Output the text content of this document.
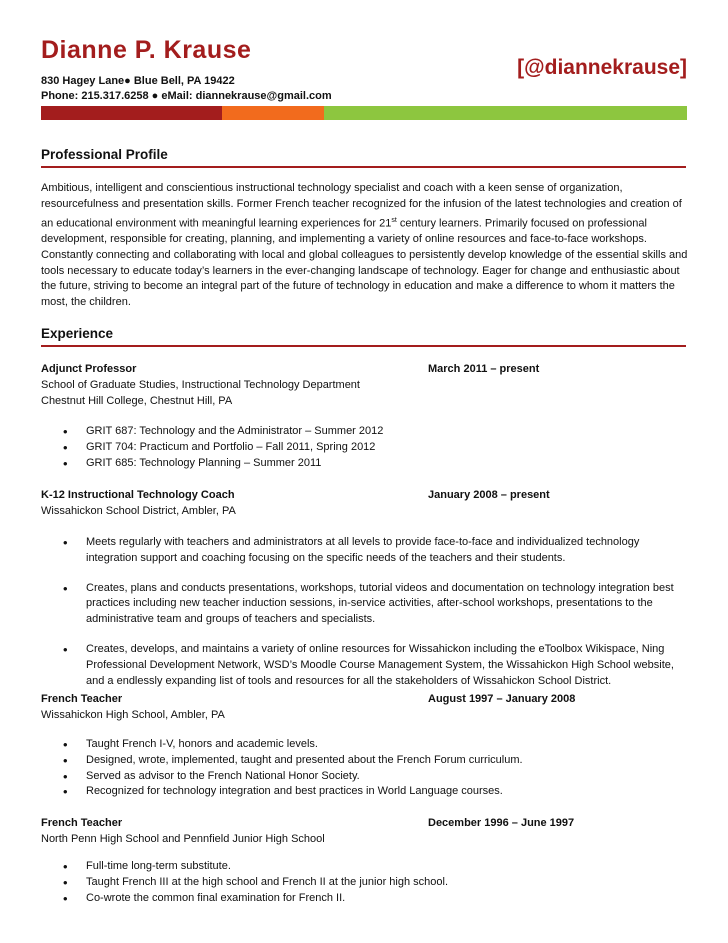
Dianne P. Krause
[@diannekrause]
830 Hagey Lane● Blue Bell, PA 19422
Phone: 215.317.6258 ● eMail: diannekrause@gmail.com
Professional Profile

Ambitious, intelligent and conscientious instructional technology specialist and coach with a keen sense of organization, resourcefulness and presentation skills. Former French teacher recognized for the infusion of the latest technologies and creation of an educational environment with meaningful learning experiences for 21st century learners. Primarily focused on professional development, responsible for creating, planning, and implementing a variety of online resources and face-to-face workshops. Constantly connecting and collaborating with local and global colleagues to persistently develop knowledge of the essential skills and tools necessary to educate today’s learners in the ever-changing landscape of technology. Eager for change and enthusiastic about the future, striving to become an integral part of the future of technology in education and make a difference to whom it matters the most, the children.

Experience
Adjunct Professor	March 2011 – present
School of Graduate Studies, Instructional Technology Department
Chestnut Hill College, Chestnut Hill, PA
• GRIT 687: Technology and the Administrator – Summer 2012
• GRIT 704: Practicum and Portfolio – Fall 2011, Spring 2012
• GRIT 685: Technology Planning – Summer 2011
K-12 Instructional Technology Coach	January 2008 – present
Wissahickon School District, Ambler, PA
• Meets regularly with teachers and administrators at all levels to provide face-to-face and individualized technology integration support and coaching focusing on the specific needs of the teachers and their students.
• Creates, plans and conducts presentations, workshops, tutorial videos and documentation on technology integration best practices including new teacher induction sessions, in-service activities, after-school workshops, presentations to the administrative team and groups of teachers and specialists.
• Creates, develops, and maintains a variety of online resources for Wissahickon including the eToolbox Wikispace, Ning Professional Development Network, WSD’s Moodle Course Management System, the Wissahickon High School website, and a endlessly expanding list of tools and resources for all the stakeholders of Wissahickon School District.
French Teacher	August 1997 – January 2008
Wissahickon High School, Ambler, PA
• Taught French I-V, honors and academic levels.
• Designed, wrote, implemented, taught and presented about the French Forum curriculum.
• Served as advisor to the French National Honor Society.
• Recognized for technology integration and best practices in World Language courses.
French Teacher	December 1996 – June 1997
North Penn High School and Pennfield Junior High School
• Full-time long-term substitute.
• Taught French III at the high school and French II at the junior high school.
• Co-wrote the common final examination for French II.
